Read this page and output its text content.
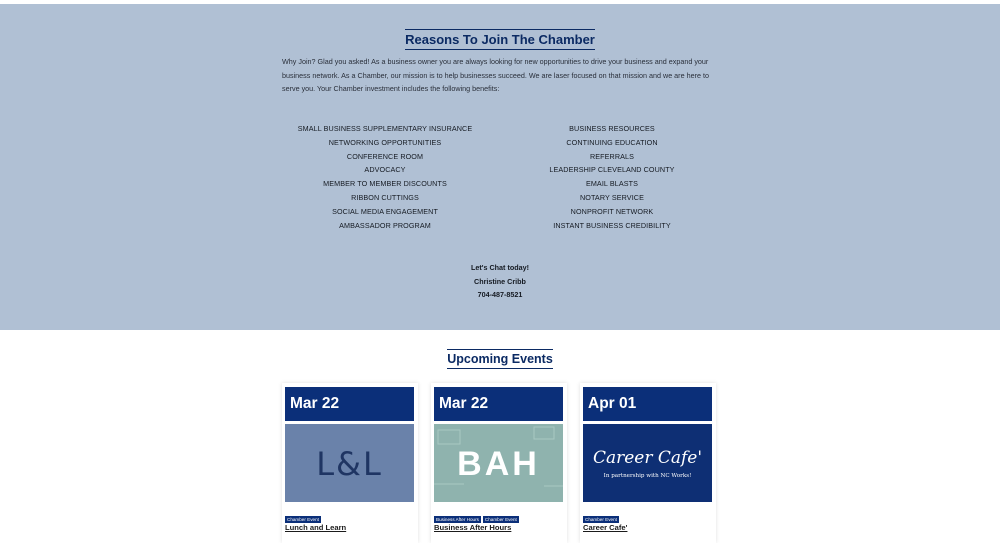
Reasons To Join The Chamber

Why Join? Glad you asked! As a business owner you are always looking for new opportunities to drive your business and expand your business network. As a Chamber, our mission is to help businesses succeed. We are laser focused on that mission and we are here to serve you. Your Chamber investment includes the following benefits:

SMALL BUSINESS SUPPLEMENTARY INSURANCE
NETWORKING OPPORTUNITIES
CONFERENCE ROOM
ADVOCACY
MEMBER TO MEMBER DISCOUNTS
RIBBON CUTTINGS
SOCIAL MEDIA ENGAGEMENT
AMBASSADOR PROGRAM
BUSINESS RESOURCES
CONTINUING EDUCATION
REFERRALS
LEADERSHIP CLEVELAND COUNTY
EMAIL BLASTS
NOTARY SERVICE
NONPROFIT NETWORK
INSTANT BUSINESS CREDIBILITY
Let's Chat today!
Christine Cribb
704-487-8521
Upcoming Events
Mar 22
L&L
Chamber Event
Lunch and Learn
Mar 22
BAH
Business After Hours Chamber Event
Business After Hours
Apr 01
Career Cafe'
In partnership with NC Works!
Chamber Event
Career Cafe'
